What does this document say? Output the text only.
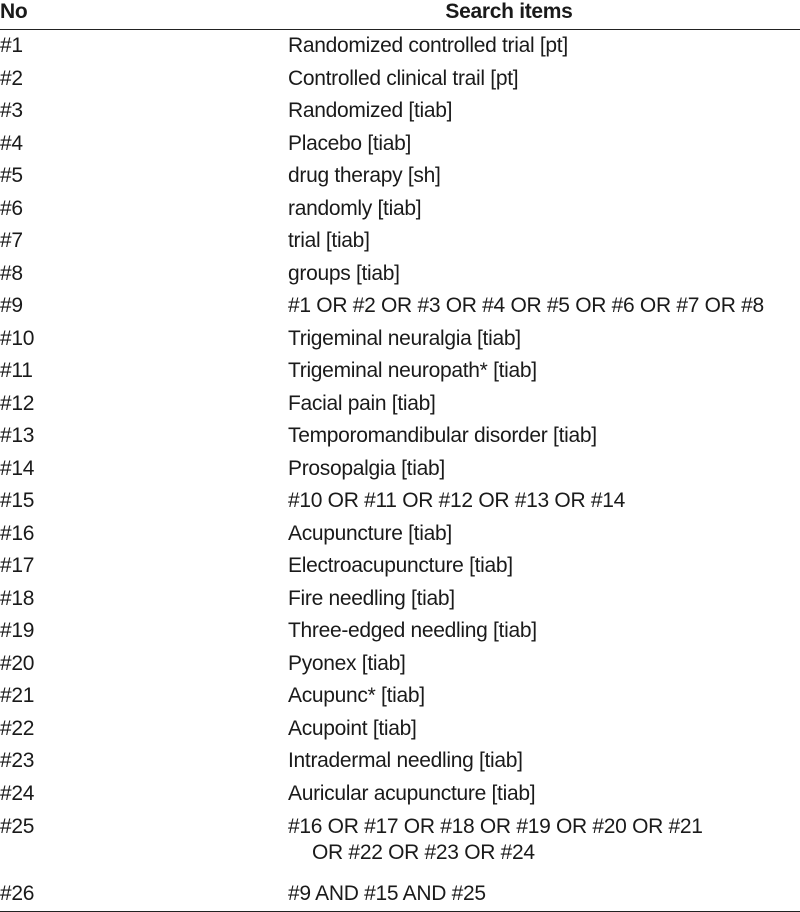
No	Search items
#1	Randomized controlled trial [pt]
#2	Controlled clinical trail [pt]
#3	Randomized [tiab]
#4	Placebo [tiab]
#5	drug therapy [sh]
#6	randomly [tiab]
#7	trial [tiab]
#8	groups [tiab]
#9	#1 OR #2 OR #3 OR #4 OR #5 OR #6 OR #7 OR #8
#10	Trigeminal neuralgia [tiab]
#11	Trigeminal neuropath* [tiab]
#12	Facial pain [tiab]
#13	Temporomandibular disorder [tiab]
#14	Prosopalgia [tiab]
#15	#10 OR #11 OR #12 OR #13 OR #14
#16	Acupuncture [tiab]
#17	Electroacupuncture [tiab]
#18	Fire needling [tiab]
#19	Three-edged needling [tiab]
#20	Pyonex [tiab]
#21	Acupunc* [tiab]
#22	Acupoint [tiab]
#23	Intradermal needling [tiab]
#24	Auricular acupuncture [tiab]
#25	#16 OR #17 OR #18 OR #19 OR #20 OR #21
OR #22 OR #23 OR #24

#26	#9 AND #15 AND #25
